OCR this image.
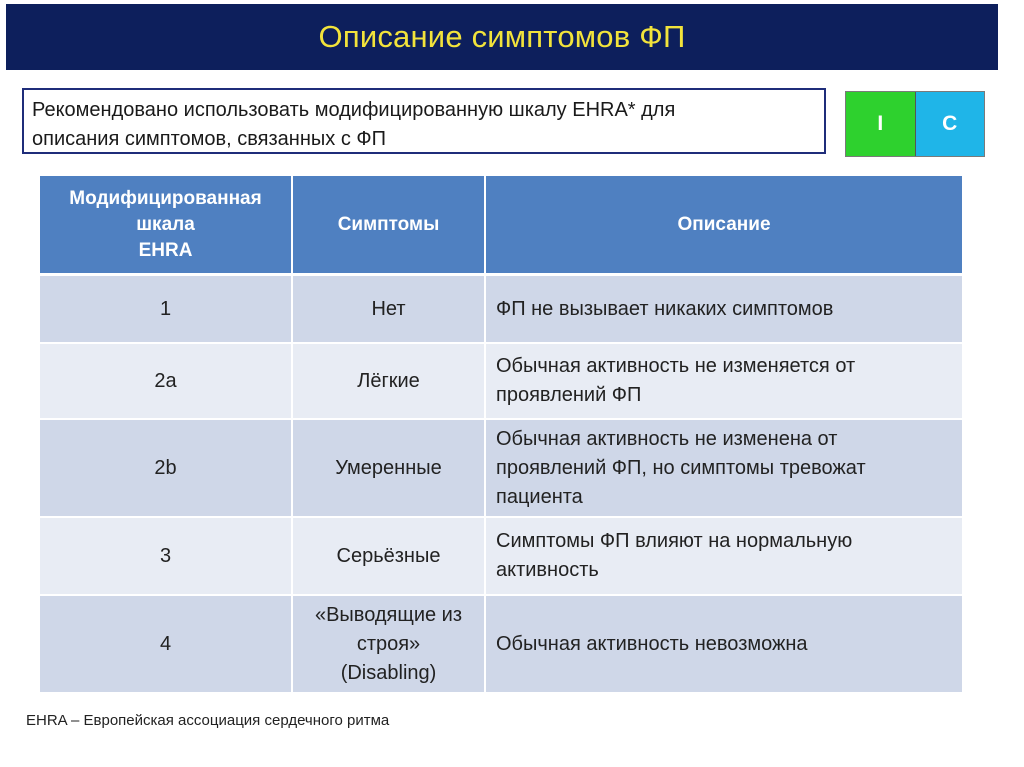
Описание симптомов ФП
Рекомендовано использовать модифицированную шкалу EHRA* для
описания симптомов, связанных с ФП
I	C
Модифицированная
шкала
EHRA	Симптомы	Описание
1	Нет	ФП не вызывает никаких симптомов

2a	Лёгкие	Обычная активность не изменяется от
проявлений ФП

2b	Умеренные	Обычная активность не изменена от
проявлений ФП, но симптомы тревожат
пациента

3	Серьёзные	Симптомы ФП влияют на нормальную
активность

4	«Выводящие из
строя»
(Disabling)	Обычная активность невозможна
EHRA – Европейская ассоциация сердечного ритма
